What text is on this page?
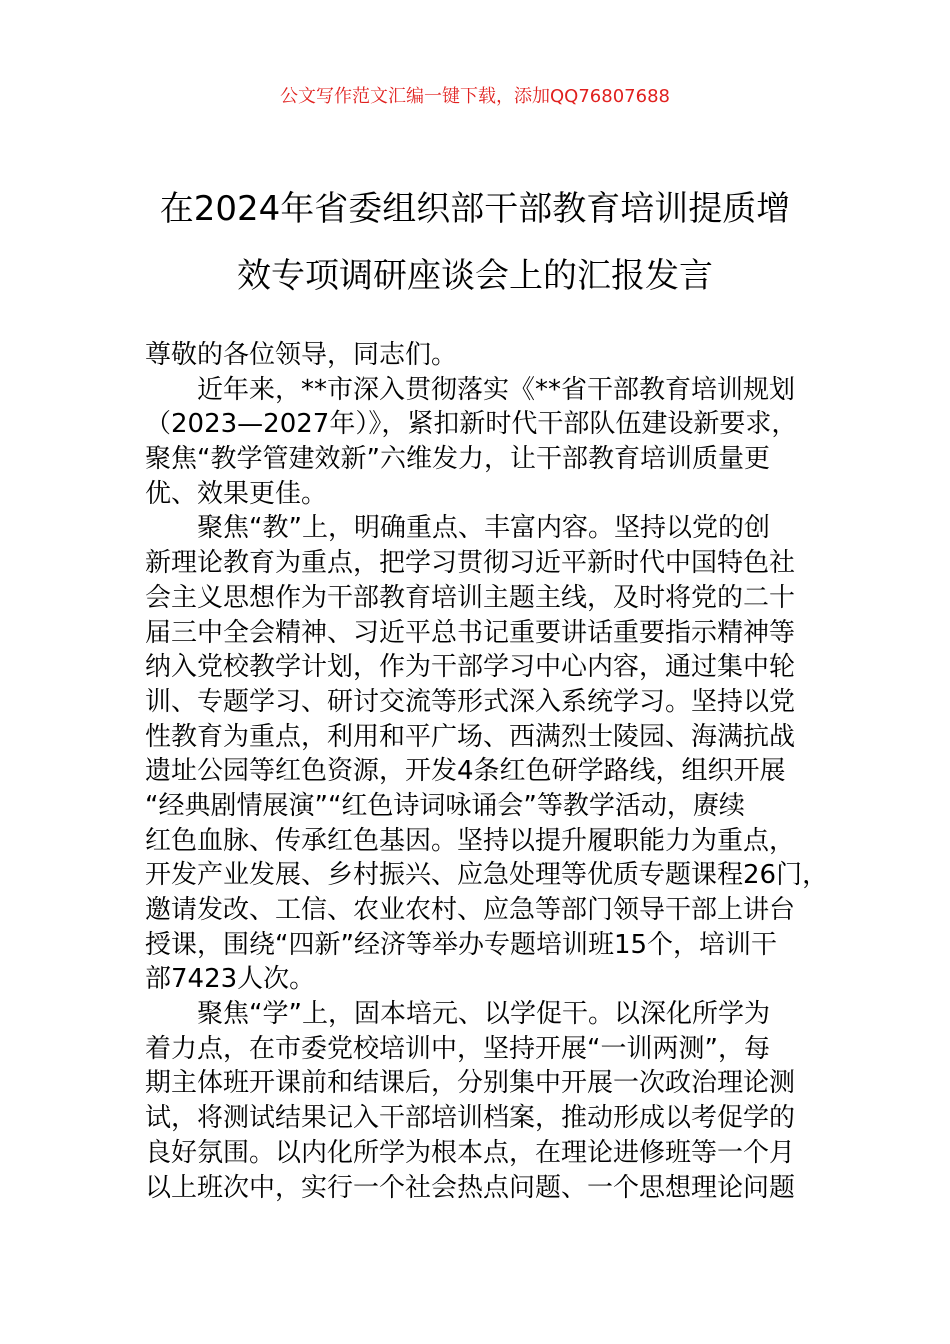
公文写作范文汇编一键下载，添加QQ76807688
在2024年省委组织部干部教育培训提质增
效专项调研座谈会上的汇报发言
尊敬的各位领导，同志们。
近年来，**市深入贯彻落实《**省干部教育培训规划
（2023—2027年）》，紧扣新时代干部队伍建设新要求，
聚焦“教学管建效新”六维发力，让干部教育培训质量更
优、效果更佳。
聚焦“教”上，明确重点、丰富内容。坚持以党的创
新理论教育为重点，把学习贯彻习近平新时代中国特色社
会主义思想作为干部教育培训主题主线，及时将党的二十
届三中全会精神、习近平总书记重要讲话重要指示精神等
纳入党校教学计划，作为干部学习中心内容，通过集中轮
训、专题学习、研讨交流等形式深入系统学习。坚持以党
性教育为重点，利用和平广场、西满烈士陵园、海满抗战
遗址公园等红色资源，开发4条红色研学路线，组织开展
“经典剧情展演”“红色诗词咏诵会”等教学活动，赓续
红色血脉、传承红色基因。坚持以提升履职能力为重点，
开发产业发展、乡村振兴、应急处理等优质专题课程26门，
邀请发改、工信、农业农村、应急等部门领导干部上讲台
授课，围绕“四新”经济等举办专题培训班15个，培训干
部7423人次。
聚焦“学”上，固本培元、以学促干。以深化所学为
着力点，在市委党校培训中，坚持开展“一训两测”，每
期主体班开课前和结课后，分别集中开展一次政治理论测
试，将测试结果记入干部培训档案，推动形成以考促学的
良好氛围。以内化所学为根本点，在理论进修班等一个月
以上班次中，实行一个社会热点问题、一个思想理论问题
